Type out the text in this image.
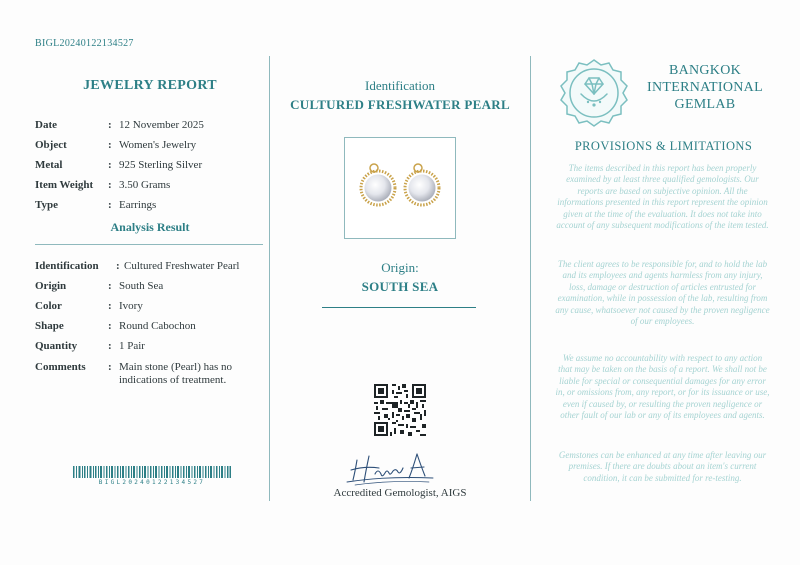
BIGL20240122134527
JEWELRY REPORT
Date	: 12 November 2025
Object	: Women's Jewelry
Metal	: 925 Sterling Silver
Item Weight	: 3.50 Grams
Type	: Earrings
Analysis Result
Identification	: Cultured Freshwater Pearl
Origin	: South Sea
Color	: Ivory
Shape	: Round Cabochon
Quantity	: 1 Pair
Comments	: Main stone (Pearl) has no indications of treatment.
BIGL20240122134527
Identification
CULTURED FRESHWATER PEARL
Origin:
SOUTH SEA
Accredited Gemologist, AIGS
BANGKOK
INTERNATIONAL
GEMLAB
PROVISIONS & LIMITATIONS
The items described in this report has been properly examined by at least three qualified gemologists. Our reports are based on subjective opinion. All the informations presented in this report represent the opinion given at the time of the evaluation. It does not take into account of any subsequent modifications of the item tested.
The client agrees to be responsible for, and to hold the lab and its employees and agents harmless from any injury, loss, damage or destruction of articles entrusted for examination, while in possession of the lab, resulting from any cause, whatsoever not caused by the proven negligence of our employees.
We assume no accountability with respect to any action that may be taken on the basis of a report. We shall not be liable for special or consequential damages for any error in, or omissions from, any report, or for its issuance or use, even if caused by, or resulting the proven negligence or other fault of our lab or any of its employees and agents.
Gemstones can be enhanced at any time after leaving our premises. If there are doubts about an item's current condition, it can be submitted for re-testing.
